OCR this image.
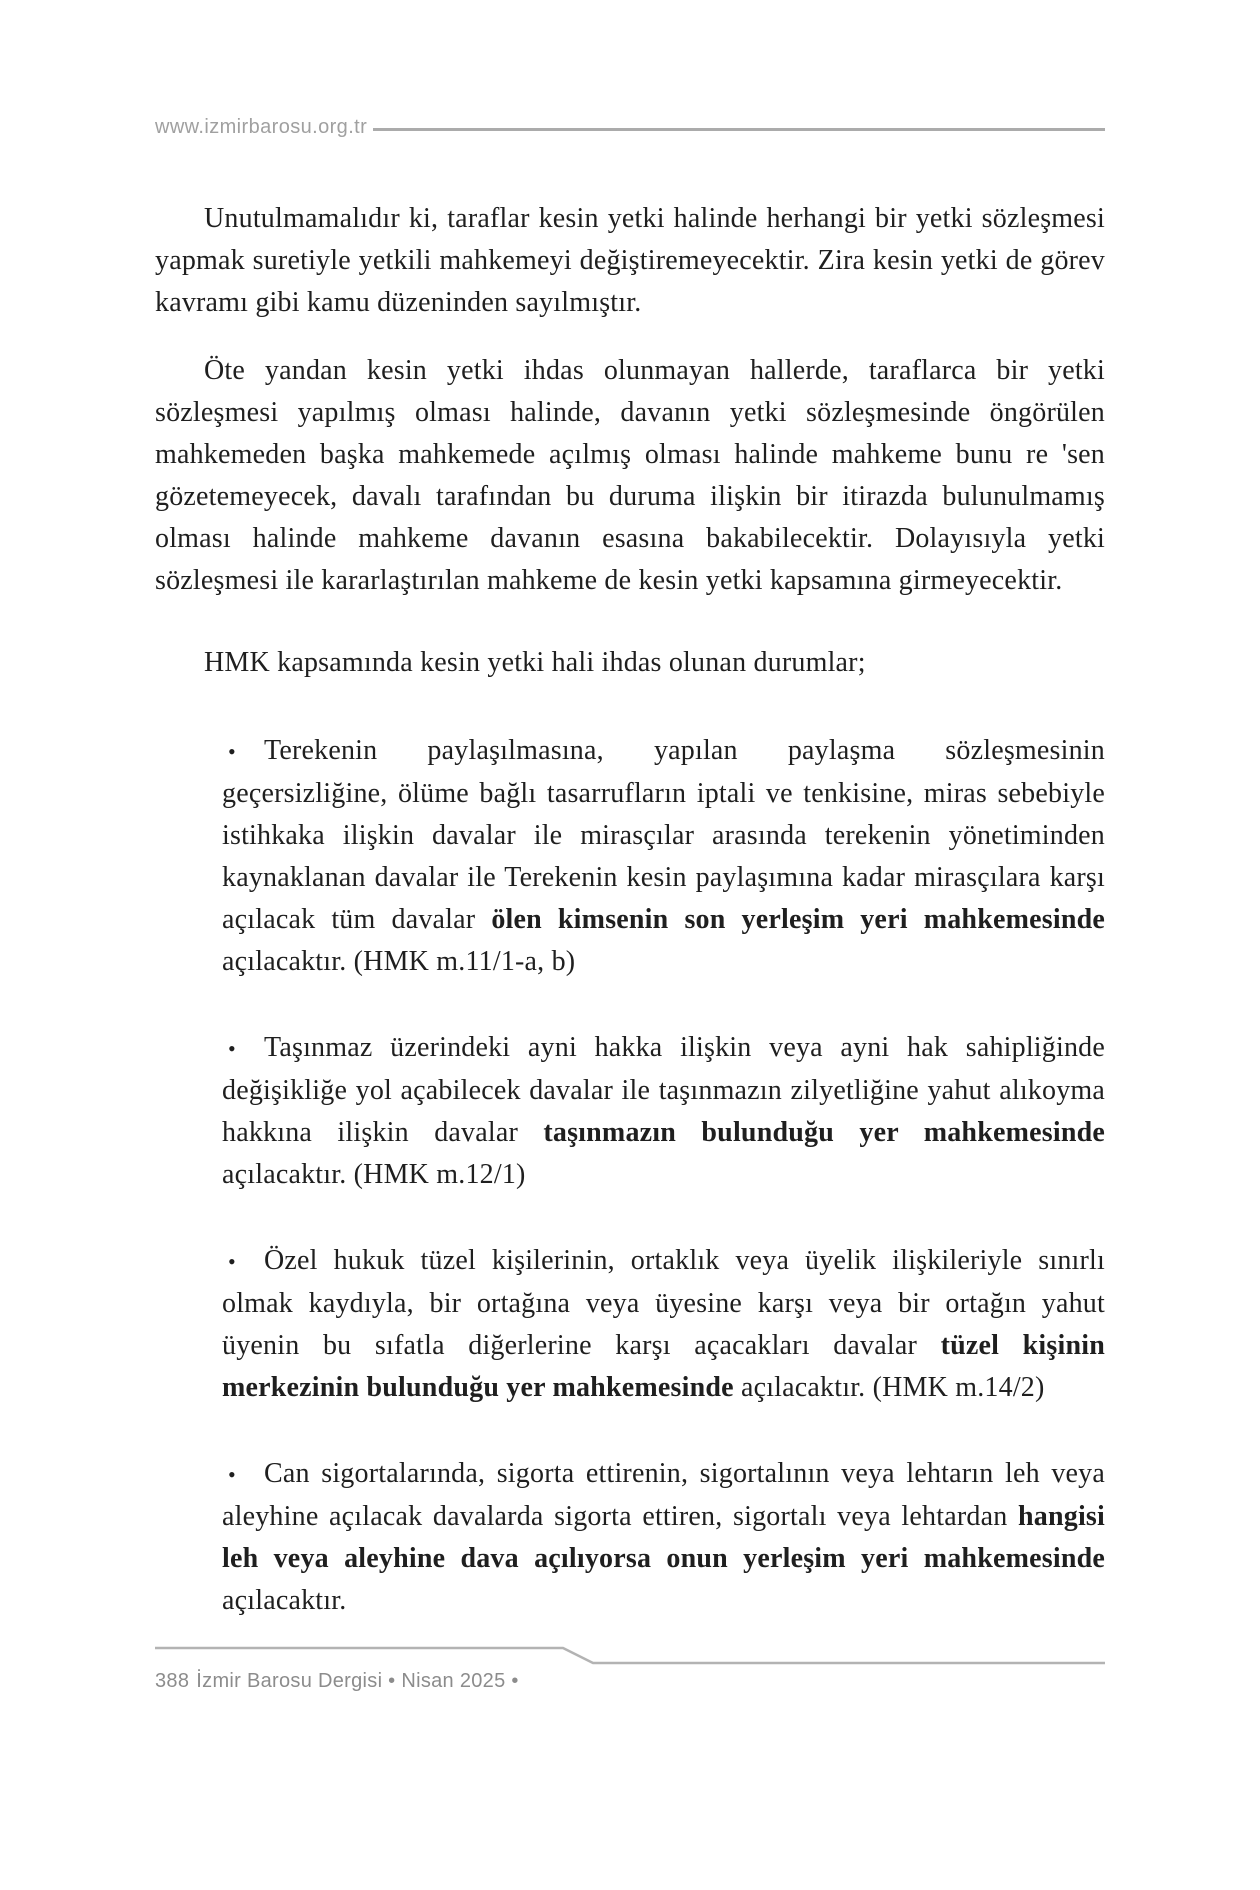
www.izmirbarosu.org.tr

Unutulmamalıdır ki, taraflar kesin yetki halinde herhangi bir yetki sözleşmesi yapmak suretiyle yetkili mahkemeyi değiştiremeyecektir. Zira kesin yetki de görev kavramı gibi kamu düzeninden sayılmıştır.

Öte yandan kesin yetki ihdas olunmayan hallerde, taraflarca bir yetki sözleşmesi yapılmış olması halinde, davanın yetki sözleşmesinde öngörülen mahkemeden başka mahkemede açılmış olması halinde mahkeme bunu re 'sen gözetemeyecek, davalı tarafından bu duruma ilişkin bir itirazda bulunulmamış olması halinde mahkeme davanın esasına bakabilecektir. Dolayısıyla yetki sözleşmesi ile kararlaştırılan mahkeme de kesin yetki kapsamına girmeyecektir.

HMK kapsamında kesin yetki hali ihdas olunan durumlar;

• Terekenin paylaşılmasına, yapılan paylaşma sözleşmesinin geçersizliğine, ölüme bağlı tasarrufların iptali ve tenkisine, miras sebebiyle istihkaka ilişkin davalar ile mirasçılar arasında terekenin yönetiminden kaynaklanan davalar ile Terekenin kesin paylaşımına kadar mirasçılara karşı açılacak tüm davalar ölen kimsenin son yerleşim yeri mahkemesinde açılacaktır. (HMK m.11/1-a, b)
• Taşınmaz üzerindeki ayni hakka ilişkin veya ayni hak sahipliğinde değişikliğe yol açabilecek davalar ile taşınmazın zilyetliğine yahut alıkoyma hakkına ilişkin davalar taşınmazın bulunduğu yer mahkemesinde açılacaktır. (HMK m.12/1)
• Özel hukuk tüzel kişilerinin, ortaklık veya üyelik ilişkileriyle sınırlı olmak kaydıyla, bir ortağına veya üyesine karşı veya bir ortağın yahut üyenin bu sıfatla diğerlerine karşı açacakları davalar tüzel kişinin merkezinin bulunduğu yer mahkemesinde açılacaktır. (HMK m.14/2)
• Can sigortalarında, sigorta ettirenin, sigortalının veya lehtarın leh veya aleyhine açılacak davalarda sigorta ettiren, sigortalı veya lehtardan hangisi leh veya aleyhine dava açılıyorsa onun yerleşim yeri mahkemesinde açılacaktır.
388 İzmir Barosu Dergisi • Nisan 2025 •
